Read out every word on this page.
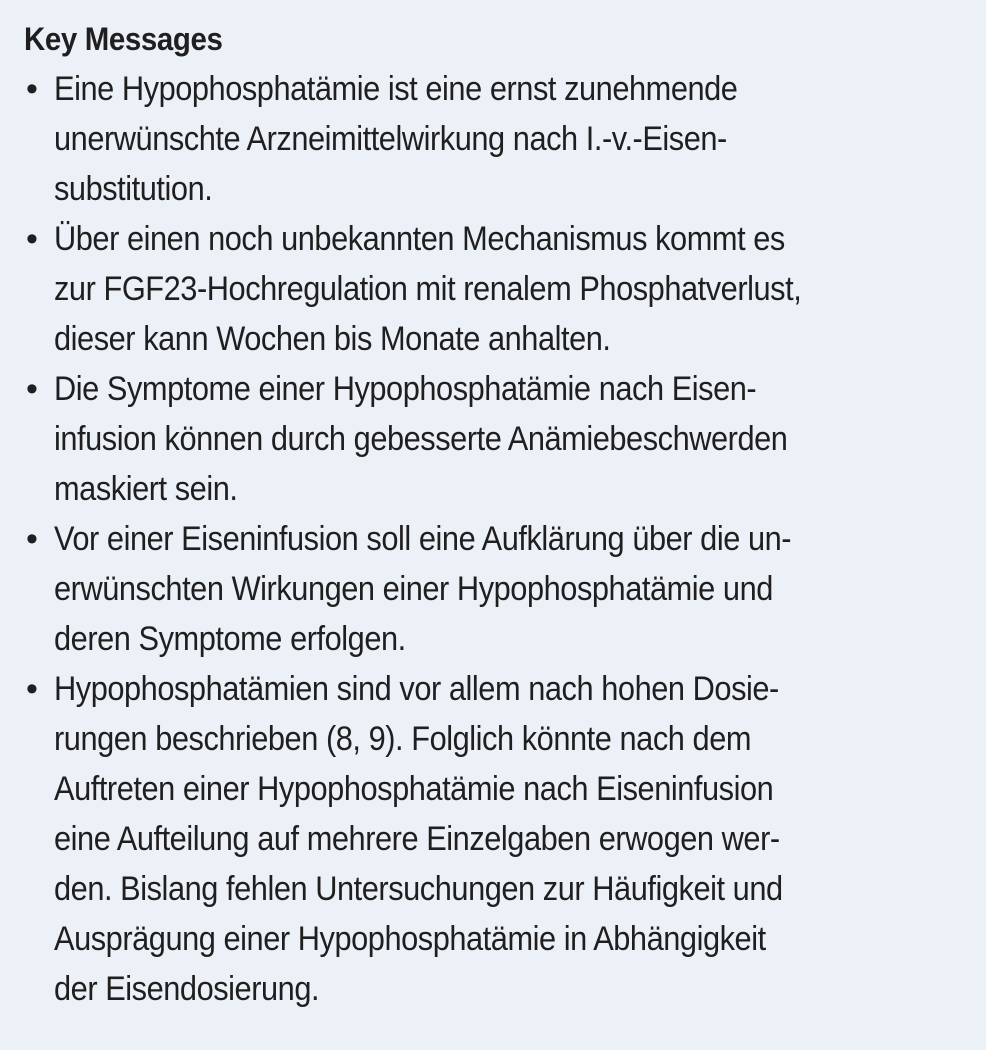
Key Messages
• Eine Hypophosphatämie ist eine ernst zunehmende
unerwünschte Arzneimittelwirkung nach I.-v.-Eisen-
substitution.
• Über einen noch unbekannten Mechanismus kommt es
zur FGF23-Hochregulation mit renalem Phosphatverlust,
dieser kann Wochen bis Monate anhalten.
• Die Symptome einer Hypophosphatämie nach Eisen-
infusion können durch gebesserte Anämiebeschwerden
maskiert sein.
• Vor einer Eiseninfusion soll eine Aufklärung über die un-
erwünschten Wirkungen einer Hypophosphatämie und
deren Symptome erfolgen.
• Hypophosphatämien sind vor allem nach hohen Dosie-
rungen beschrieben (8, 9). Folglich könnte nach dem
Auftreten einer Hypophosphatämie nach Eiseninfusion
eine Aufteilung auf mehrere Einzelgaben erwogen wer-
den. Bislang fehlen Untersuchungen zur Häufigkeit und
Ausprägung einer Hypophosphatämie in Abhängigkeit
der Eisendosierung.
